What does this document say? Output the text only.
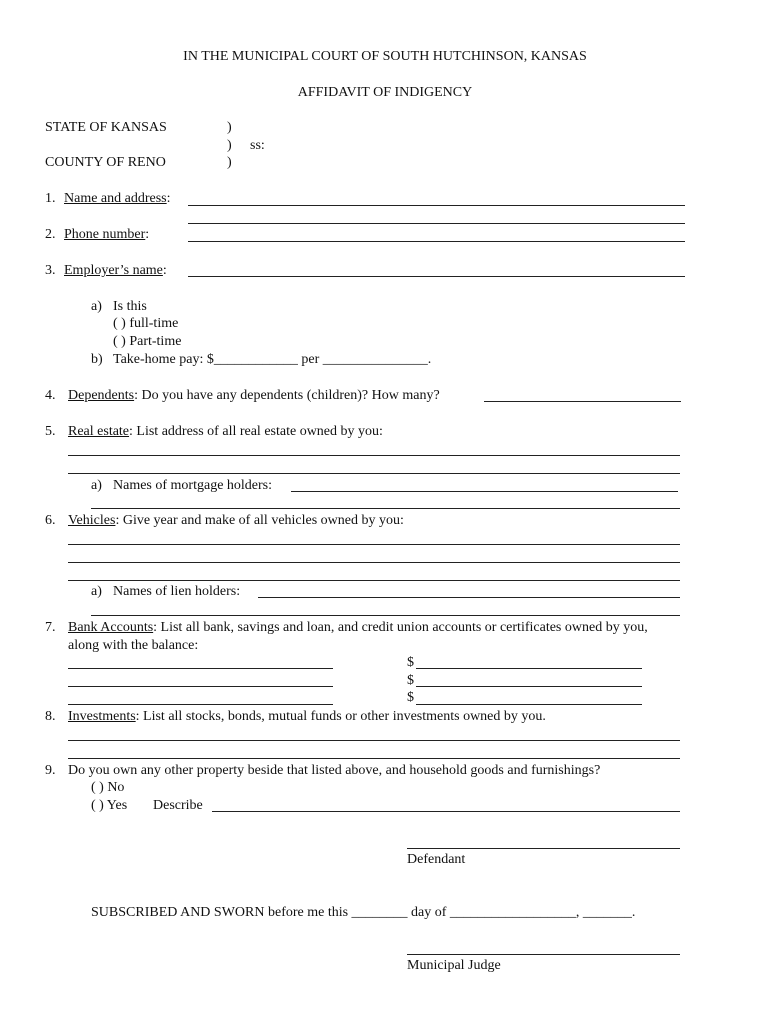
IN THE MUNICIPAL COURT OF SOUTH HUTCHINSON, KANSAS
AFFIDAVIT OF INDIGENCY
STATE OF KANSAS
COUNTY OF RENO
)
)
)
ss:
1. Name and address:
2. Phone number:
3. Employer’s name:
a) Is this
( ) full-time
( ) Part-time
b) Take-home pay: $____________ per _______________.
4. Dependents: Do you have any dependents (children)? How many?
5. Real estate: List address of all real estate owned by you:
a) Names of mortgage holders:
6. Vehicles: Give year and make of all vehicles owned by you:
a) Names of lien holders:
7. Bank Accounts: List all bank, savings and loan, and credit union accounts or certificates owned by you,
along with the balance:
$
$
$
8. Investments: List all stocks, bonds, mutual funds or other investments owned by you.
9. Do you own any other property beside that listed above, and household goods and furnishings?
( ) No
( ) Yes Describe
Defendant
SUBSCRIBED AND SWORN before me this ________ day of __________________, _______.
Municipal Judge
